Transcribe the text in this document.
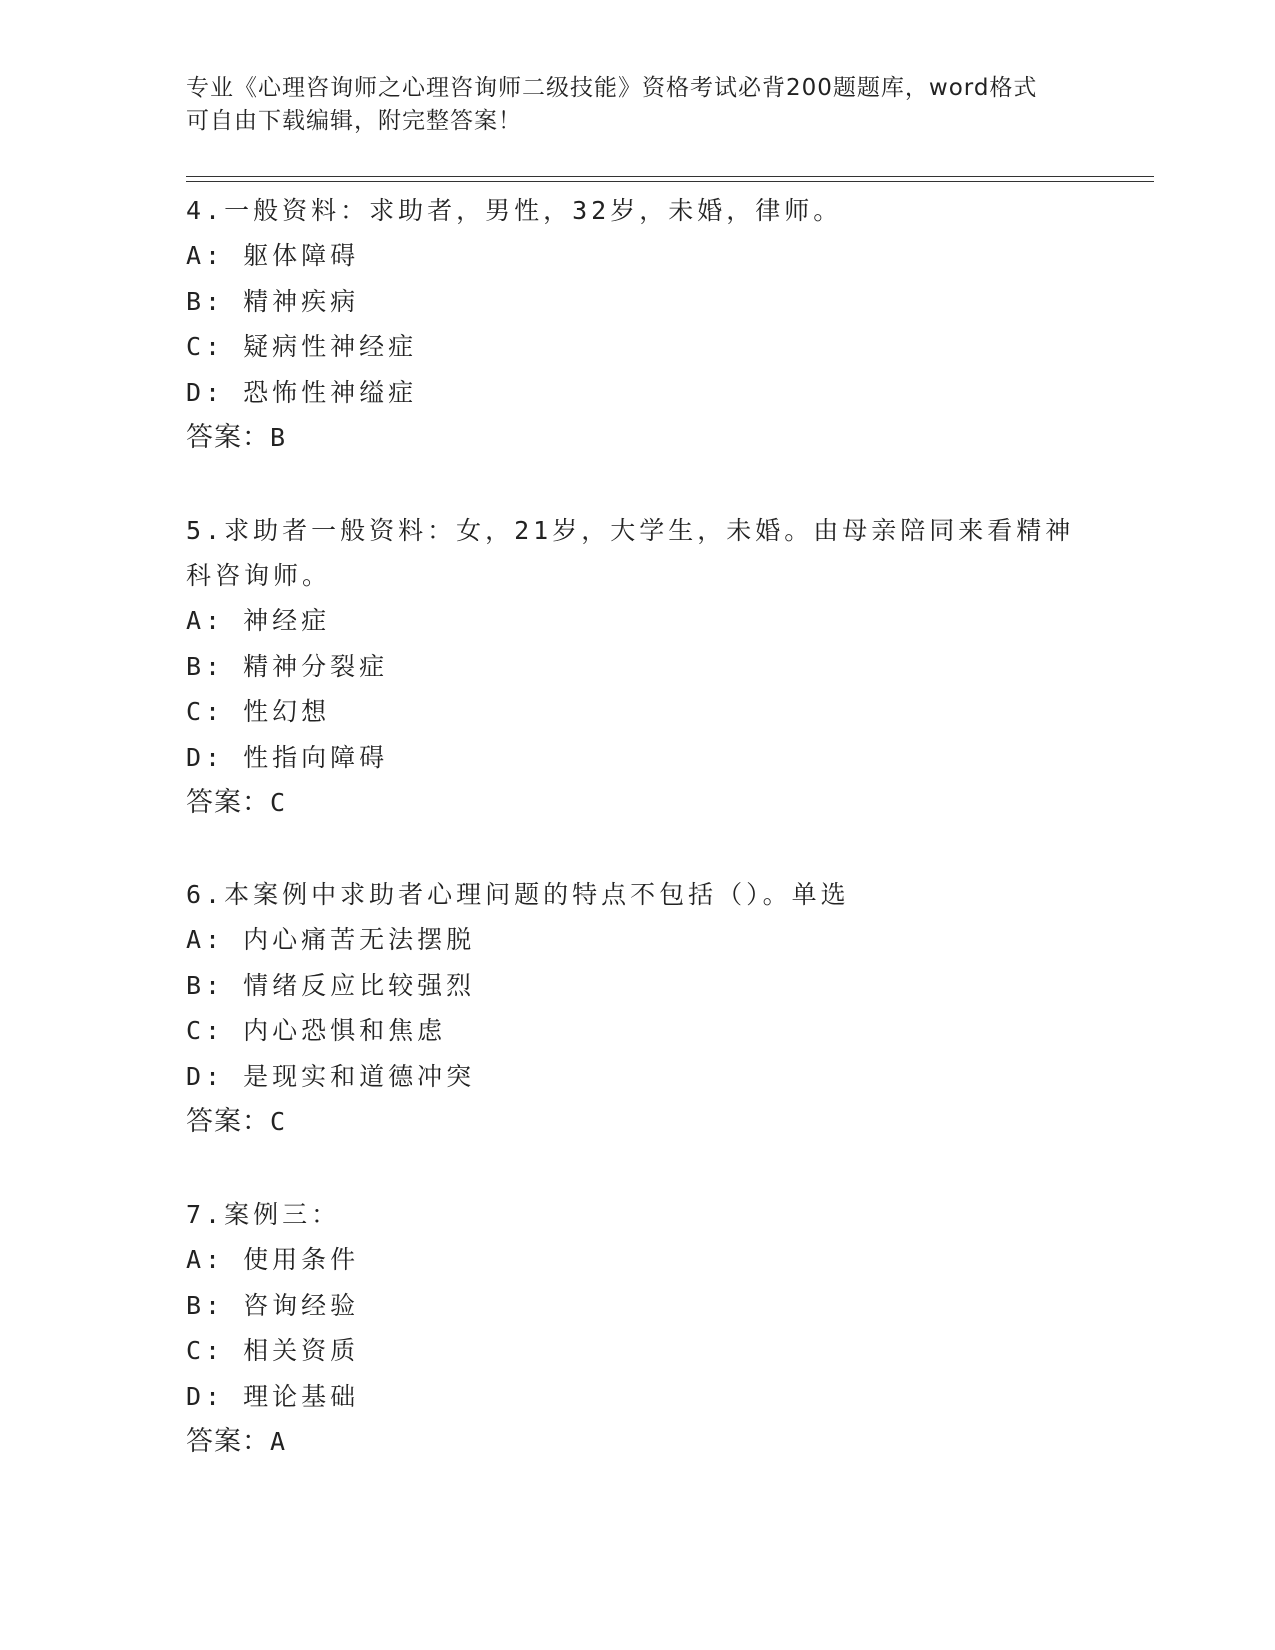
专业《心理咨询师之心理咨询师二级技能》资格考试必背200题题库，word格式
可自由下载编辑，附完整答案！

4.一般资料：求助者，男性，32岁，未婚，律师。

A: 躯体障碍
B: 精神疾病
C: 疑病性神经症
D: 恐怖性神缢症
答案：B

5.求助者一般资料：女，21岁，大学生，未婚。由母亲陪同来看精神科咨询师。

A: 神经症
B: 精神分裂症
C: 性幻想
D: 性指向障碍
答案：C

6.本案例中求助者心理问题的特点不包括（）。单选

A: 内心痛苦无法摆脱
B: 情绪反应比较强烈
C: 内心恐惧和焦虑
D: 是现实和道德冲突
答案：C

7.案例三：

A: 使用条件
B: 咨询经验
C: 相关资质
D: 理论基础
答案：A
